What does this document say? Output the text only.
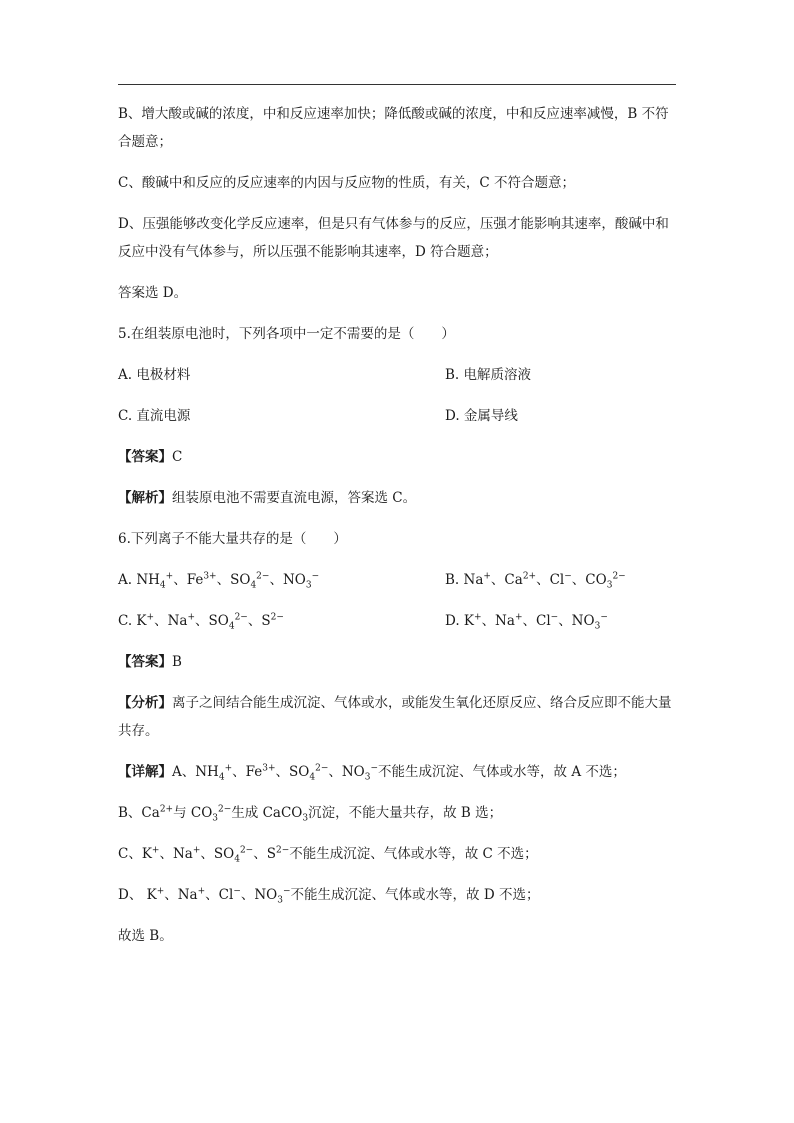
B、增大酸或碱的浓度，中和反应速率加快；降低酸或碱的浓度，中和反应速率减慢，B 不符合题意；

C、酸碱中和反应的反应速率的内因与反应物的性质，有关，C 不符合题意；

D、压强能够改变化学反应速率，但是只有气体参与的反应，压强才能影响其速率，酸碱中和反应中没有气体参与，所以压强不能影响其速率，D 符合题意；

答案选 D。

5.在组装原电池时，下列各项中一定不需要的是（　　）

A. 电极材料	B. 电解质溶液
C. 直流电源	D. 金属导线

【答案】C

【解析】组装原电池不需要直流电源，答案选 C。

6.下列离子不能大量共存的是（　　）

A. $NH_4^+$、$Fe^{3+}$、$SO_4^{2-}$、$NO_3^-$	B. Na+、$Ca^{2+}$、Cl−、$CO_3^{2-}$
C. K+、Na+、$SO_4^{2-}$、$S^{2-}$	D. K+、Na+、Cl−、$NO_3^-$

【答案】B

【分析】离子之间结合能生成沉淀、气体或水，或能发生氧化还原反应、络合反应即不能大量共存。

【详解】A、$NH_4^+$、$Fe^{3+}$、$SO_4^{2-}$、$NO_3^-$不能生成沉淀、气体或水等，故 A 不选；

B、$Ca^{2+}$与 $CO_3^{2-}$生成 CaCO$_3$沉淀，不能大量共存，故 B 选；

C、K+、Na+、$SO_4^{2-}$、$S^{2-}$不能生成沉淀、气体或水等，故 C 不选；

D、 K+、Na+、Cl−、$NO_3^-$不能生成沉淀、气体或水等，故 D 不选；

故选 B。
